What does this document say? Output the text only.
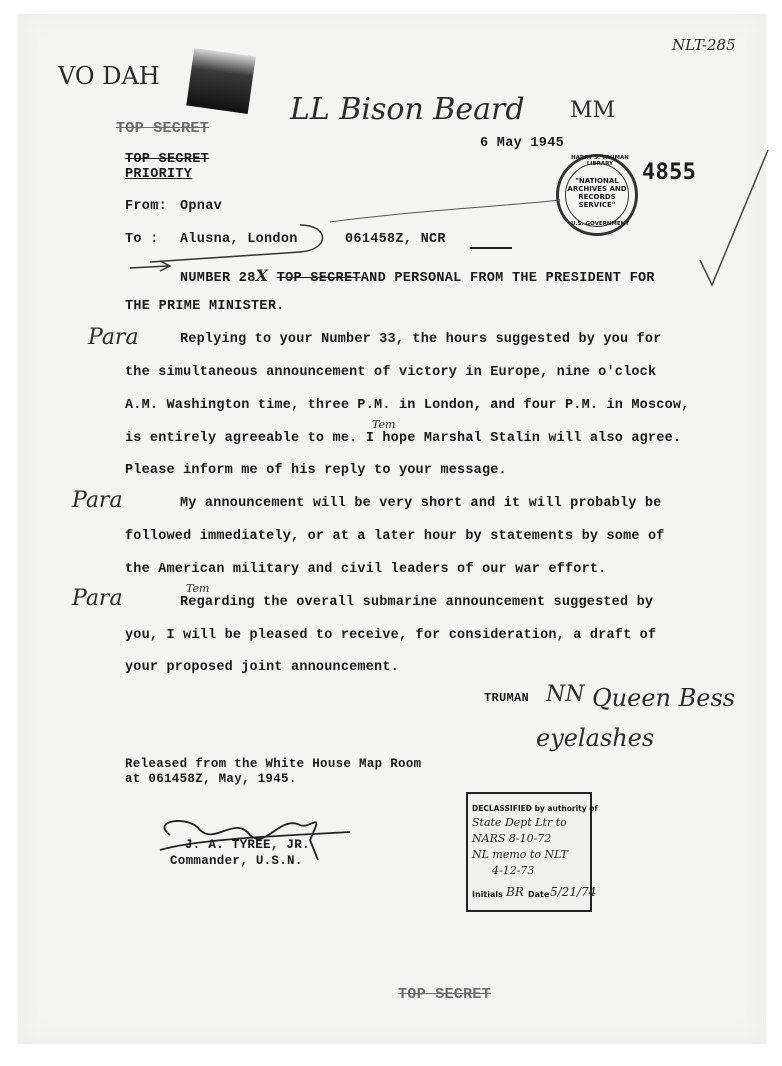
NLT-285
VO DAH
LL Bison Beard MM
TOP SECRET
6 May 1945
TOP SECRET
PRIORITY	"NATIONAL
ARCHIVES AND
RECORDS
SERVICE"
HARRY S. TRUMAN LIBRARY
U.S. GOVERNMENT
4855
From: Opnav
To : Alusna, London	061458Z, NCR
NUMBER 28X TOP SECRETAND PERSONAL FROM THE PRESIDENT FOR
THE PRIME MINISTER.
Para
Para
Para
Tem
Tem
Replying to your Number 33, the hours suggested by you for
the simultaneous announcement of victory in Europe, nine o'clock
A.M. Washington time, three P.M. in London, and four P.M. in Moscow,
is entirely agreeable to me. I hope Marshal Stalin will also agree.
Please inform me of his reply to your message.
My announcement will be very short and it will probably be
followed immediately, or at a later hour by statements by some of
the American military and civil leaders of our war effort.
Regarding the overall submarine announcement suggested by
you, I will be pleased to receive, for consideration, a draft of
your proposed joint announcement.
TRUMAN NN Queen Bess
eyelashes
Released from the White House Map Room
at 061458Z, May, 1945.
J. A. TYREE, JR.
Commander, U.S.N.
DECLASSIFIED by authority of
State Dept Ltr to
NARS 8-10-72
NL memo to NLT
4-12-73
Initials BR Date 5/21/74
TOP SECRET
